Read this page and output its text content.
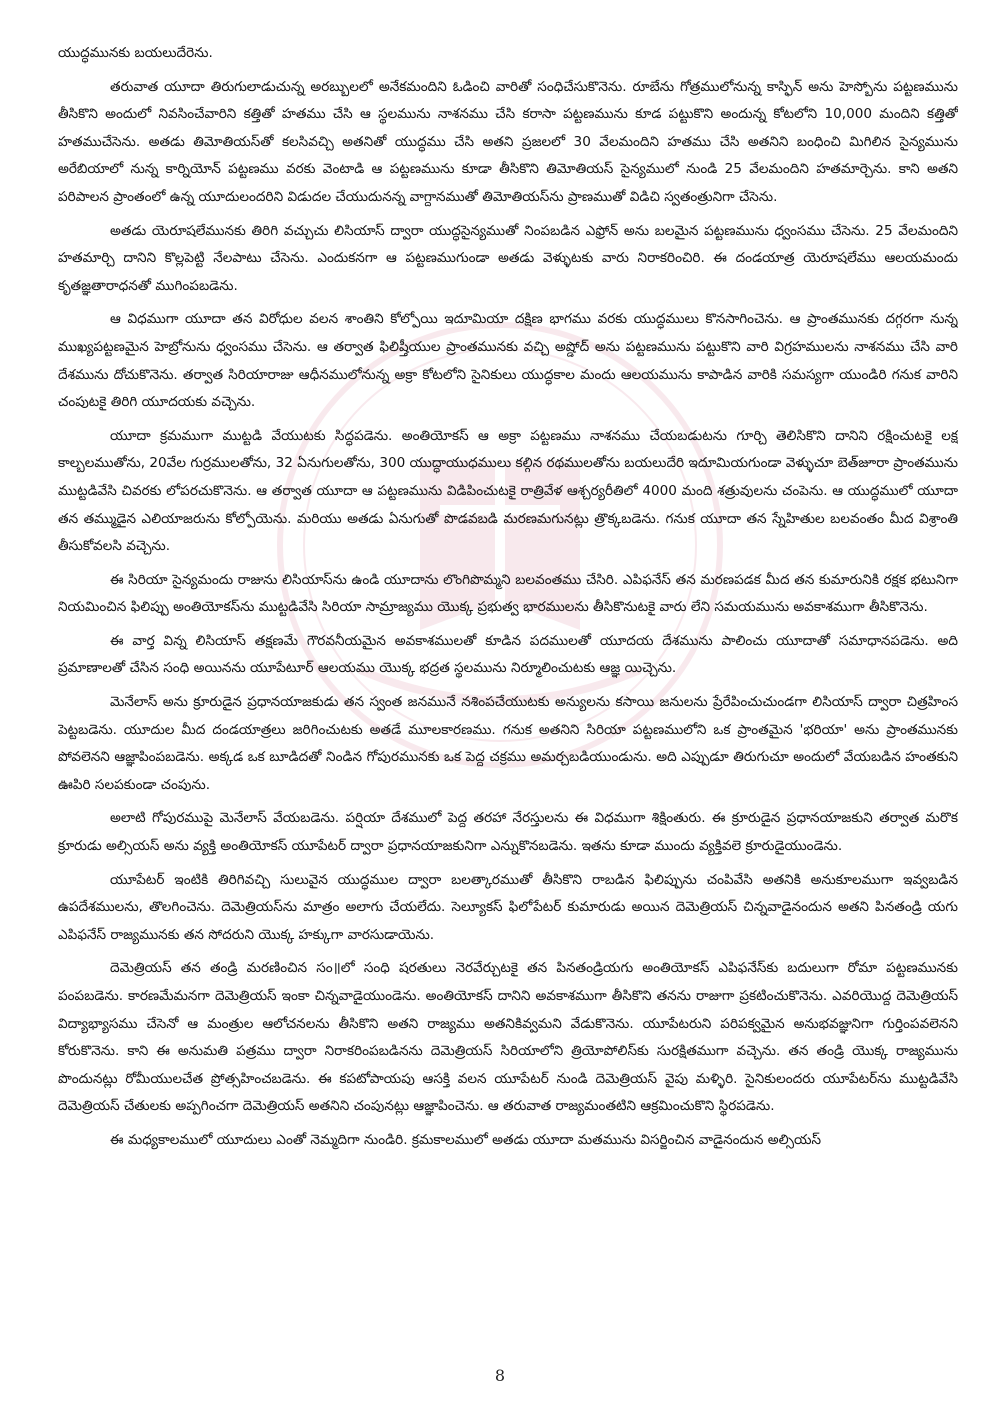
యుద్ధమునకు బయలుదేరెను.

తరువాత యూదా తిరుగులాడుచున్న అరబ్బులలో అనేకమందిని ఓడించి వారితో సంధిచేసుకొనెను. రూబేను గోత్రములోనున్న కాస్ఫిన్ అను హెస్బోను పట్టణమును తీసికొని అందులో నివసించేవారిని కత్తితో హతము చేసి ఆ స్థలమును నాశనము చేసి కరాసా పట్టణమును కూడ పట్టుకొని అందున్న కోటలోని 10,000 మందిని కత్తితో హతముచేసెను. అతడు తిమోతియస్‌తో కలసివచ్చి అతనితో యుద్ధము చేసి అతని ప్రజలలో 30 వేలమందిని హతము చేసి అతనిని బంధించి మిగిలిన సైన్యమును అరేబియాలో నున్న కార్నియోన్ పట్టణము వరకు వెంటాడి ఆ పట్టణమును కూడా తీసికొని తిమోతియస్ సైన్యములో నుండి 25 వేలమందిని హతమార్చెను. కాని అతని పరిపాలన ప్రాంతంలో ఉన్న యూదులందరిని విడుదల చేయుదునన్న వాగ్దానముతో తిమోతియస్‌ను ప్రాణముతో విడిచి స్వతంత్రునిగా చేసెను.

అతడు యెరూషలేమునకు తిరిగి వచ్చుచు లిసియాస్ ద్వారా యుద్ధసైన్యముతో నింపబడిన ఎఫ్రోన్ అను బలమైన పట్టణమును ధ్వంసము చేసెను. 25 వేలమందిని హతమార్చి దానిని కొల్లపెట్టి నేలపాటు చేసెను. ఎందుకనగా ఆ పట్టణముగుండా అతడు వెళ్ళుటకు వారు నిరాకరించిరి. ఈ దండయాత్ర యెరూషలేము ఆలయమందు కృతజ్ఞతారాధనతో ముగింపబడెను.

ఆ విధముగా యూదా తన విరోధుల వలన శాంతిని కోల్పోయి ఇదూమియా దక్షిణ భాగము వరకు యుద్ధములు కొనసాగించెను. ఆ ప్రాంతమునకు దగ్గరగా నున్న ముఖ్యపట్టణమైన హెబ్రోనును ధ్వంసము చేసెను. ఆ తర్వాత ఫిలిష్తీయుల ప్రాంతమునకు వచ్చి అష్డోద్ అను పట్టణమును పట్టుకొని వారి విగ్రహములను నాశనము చేసి వారి దేశమును దోచుకొనెను. తర్వాత సిరియారాజు ఆధీనములోనున్న అక్రా కోటలోని సైనికులు యుద్ధకాల మందు ఆలయమును కాపాడిన వారికి సమస్యగా యుండిరి గనుక వారిని చంపుటకై తిరిగి యూదయకు వచ్చెను.

యూదా క్రమముగా ముట్టడి వేయుటకు సిద్ధపడెను. అంతియోకస్ ఆ అక్రా పట్టణము నాశనము చేయబడుటను గూర్చి తెలిసికొని దానిని రక్షించుటకై లక్ష కాల్బలముతోను, 20వేల గుర్రములతోను, 32 ఏనుగులతోను, 300 యుద్ధాయుధములు కల్గిన రథములతోను బయలుదేరి ఇదూమియగుండా వెళ్ళుచూ బెత్‌జూరా ప్రాంతమును ముట్టడివేసి చివరకు లోపరచుకొనెను. ఆ తర్వాత యూదా ఆ పట్టణమును విడిపించుటకై రాత్రివేళ ఆశ్చర్యరీతిలో 4000 మంది శత్రువులను చంపెను. ఆ యుద్ధములో యూదా తన తమ్ముడైన ఎలియాజరును కోల్పోయెను. మరియు అతడు ఏనుగుతో పొడవబడి మరణమగునట్లు త్రొక్కబడెను. గనుక యూదా తన స్నేహితుల బలవంతం మీద విశ్రాంతి తీసుకోవలసి వచ్చెను.

ఈ సిరియా సైన్యమందు రాజును లిసియాస్‌ను ఉండి యూదాను లొంగిపొమ్మని బలవంతము చేసిరి. ఎపిఫనేస్ తన మరణపడక మీద తన కుమారునికి రక్షక భటునిగా నియమించిన ఫిలిప్పు అంతియోకస్‌ను ముట్టడివేసి సిరియా సామ్రాజ్యము యొక్క ప్రభుత్వ భారములను తీసికొనుటకై వారు లేని సమయమును అవకాశముగా తీసికొనెను.

ఈ వార్త విన్న లిసియాస్ తక్షణమే గౌరవనీయమైన అవకాశములతో కూడిన పదములతో యూదయ దేశమును పాలించు యూదాతో సమాధానపడెను. అది ప్రమాణాలతో చేసిన సంధి అయినను యూపేటూర్ ఆలయము యొక్క భద్రత స్థలమును నిర్మూలించుటకు ఆజ్ఞ యిచ్చెను.

మెనేలాస్ అను క్రూరుడైన ప్రధానయాజకుడు తన స్వంత జనమునే నశింపచేయుటకు అన్యులను కసాయి జనులను ప్రేరేపించుచుండగా లిసియాస్ ద్వారా చిత్రహింస పెట్టబడెను. యూదుల మీద దండయాత్రలు జరిగించుటకు అతడే మూలకారణము. గనుక అతనిని సిరియా పట్టణములోని ఒక ప్రాంతమైన 'భరియా' అను ప్రాంతమునకు పోవలెనని ఆజ్ఞాపింపబడెను. అక్కడ ఒక బూడిదతో నిండిన గోపురమునకు ఒక పెద్ద చక్రము అమర్చబడియుండును. అది ఎప్పుడూ తిరుగుచూ అందులో వేయబడిన హంతకుని ఊపిరి సలపకుండా చంపును.

అలాటి గోపురముపై మెనేలాస్ వేయబడెను. పర్షియా దేశములో పెద్ద తరహా నేరస్తులను ఈ విధముగా శిక్షింతురు. ఈ క్రూరుడైన ప్రధానయాజకుని తర్వాత మరొక క్రూరుడు అల్సియస్ అను వ్యక్తి అంతియోకస్ యూపేటర్ ద్వారా ప్రధానయాజకునిగా ఎన్నుకొనబడెను. ఇతను కూడా ముందు వ్యక్తివలె క్రూరుడైయుండెను.

యూపేటర్ ఇంటికి తిరిగివచ్చి సులువైన యుద్ధముల ద్వారా బలత్కారముతో తీసికొని రాబడిన ఫిలిప్పును చంపివేసి అతనికి అనుకూలముగా ఇవ్వబడిన ఉపదేశములను, తొలగించెను. దెమెత్రియస్‌ను మాత్రం అలాగు చేయలేదు. సెల్యూకస్ ఫిలోపేటర్ కుమారుడు అయిన దెమెత్రియస్ చిన్నవాడైనందున అతని పినతండ్రి యగు ఎపిఫనేస్ రాజ్యమునకు తన సోదరుని యొక్క హక్కుగా వారసుడాయెను.

దెమెత్రియస్ తన తండ్రి మరణించిన సం॥లో సంధి షరతులు నెరవేర్చుటకై తన పినతండ్రియగు అంతియోకస్ ఎపిఫనేస్‌కు బదులుగా రోమా పట్టణమునకు పంపబడెను. కారణమేమనగా దెమెత్రియస్ ఇంకా చిన్నవాడైయుండెను. అంతియోకస్ దానిని అవకాశముగా తీసికొని తనను రాజుగా ప్రకటించుకొనెను. ఎవరియొద్ద దెమెత్రియస్ విద్యాభ్యాసము చేసెనో ఆ మంత్రుల ఆలోచనలను తీసికొని అతని రాజ్యము అతనికివ్వమని వేడుకొనెను. యూపేటరుని పరిపక్వమైన అనుభవజ్ఞునిగా గుర్తింపవలెనని కోరుకొనెను. కాని ఈ అనుమతి పత్రము ద్వారా నిరాకరింపబడినను దెమెత్రియస్ సిరియాలోని త్రియోపోలిస్‌కు సురక్షితముగా వచ్చెను. తన తండ్రి యొక్క రాజ్యమును పొందునట్లు రోమీయులచేత ప్రోత్సహించబడెను. ఈ కపటోపాయపు ఆసక్తి వలన యూపేటర్ నుండి దెమెత్రియస్ వైపు మళ్ళిరి. సైనికులందరు యూపేటర్‌ను ముట్టడివేసి దెమెత్రియస్ చేతులకు అప్పగించగా దెమెత్రియస్ అతనిని చంపునట్లు ఆజ్ఞాపించెను. ఆ తరువాత రాజ్యమంతటిని ఆక్రమించుకొని స్థిరపడెను.

ఈ మధ్యకాలములో యూదులు ఎంతో నెమ్మదిగా నుండిరి. క్రమకాలములో అతడు యూదా మతమును విసర్జించిన వాడైనందున అల్సియస్

8
